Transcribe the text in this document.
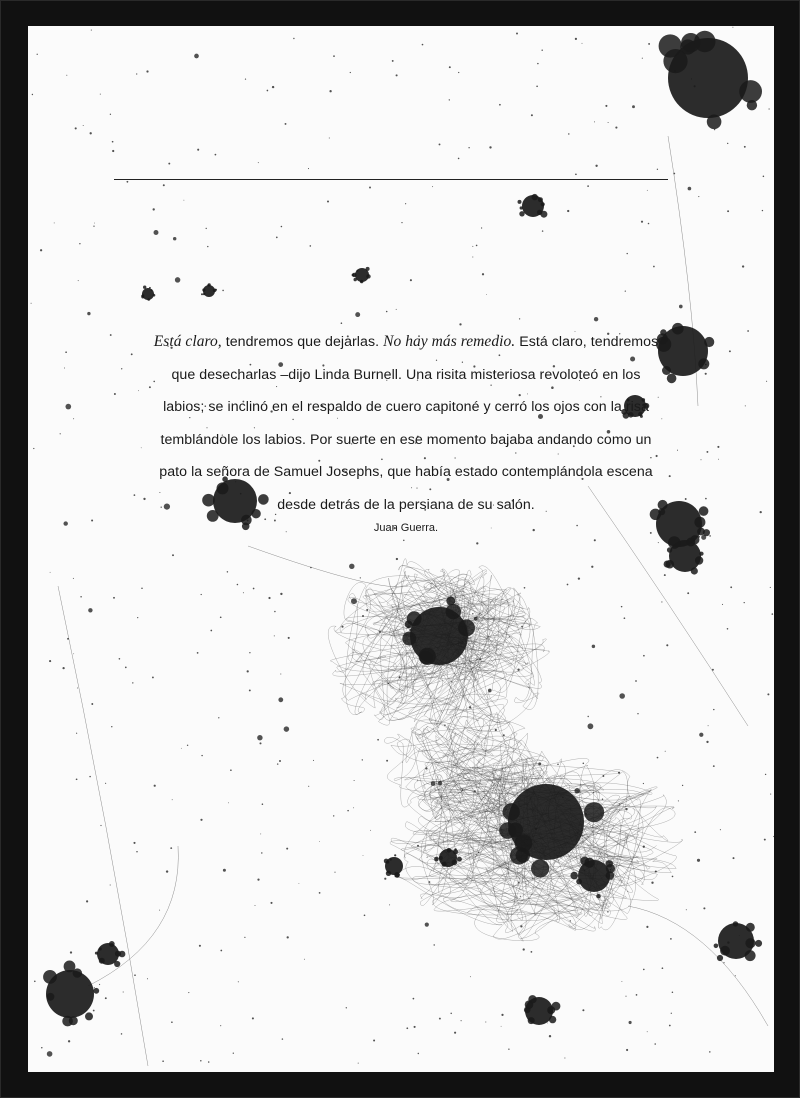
Está claro, tendremos que dejarlas. No hay más remedio. Está claro, tendremos

que desecharlas –dijo Linda Burnell. Una risita misteriosa revoloteó en los

labios; se inclinó en el respaldo de cuero capitoné y cerró los ojos con la risa

temblándole los labios. Por suerte en ese momento bajaba andando como un

pato la señora de Samuel Josephs, que había estado contemplándola escena

desde detrás de la persiana de su salón.

Juan Guerra.
